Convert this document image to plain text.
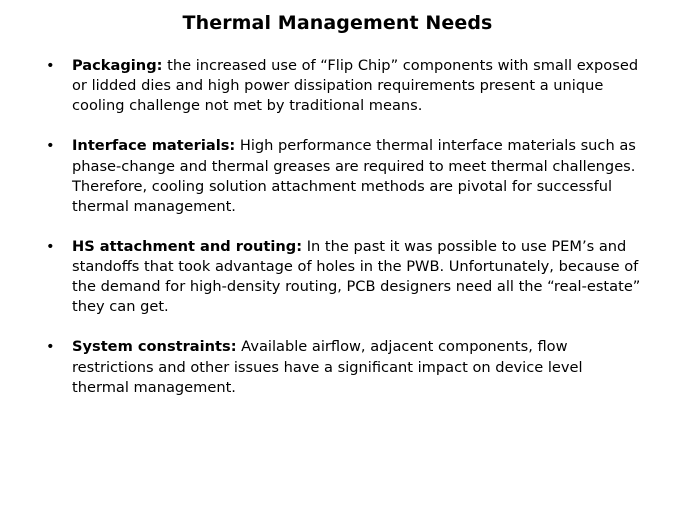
Thermal Management Needs
• Packaging: the increased use of “Flip Chip” components with small exposed or lidded dies and high power dissipation requirements present a unique cooling challenge not met by traditional means.
• Interface materials: High performance thermal interface materials such as phase-change and thermal greases are required to meet thermal challenges. Therefore, cooling solution attachment methods are pivotal for successful thermal management.
• HS attachment and routing: In the past it was possible to use PEM’s and standoffs that took advantage of holes in the PWB. Unfortunately, because of the demand for high-density routing, PCB designers need all the “real-estate” they can get.
• System constraints: Available airflow, adjacent components, flow restrictions and other issues have a significant impact on device level thermal management.
